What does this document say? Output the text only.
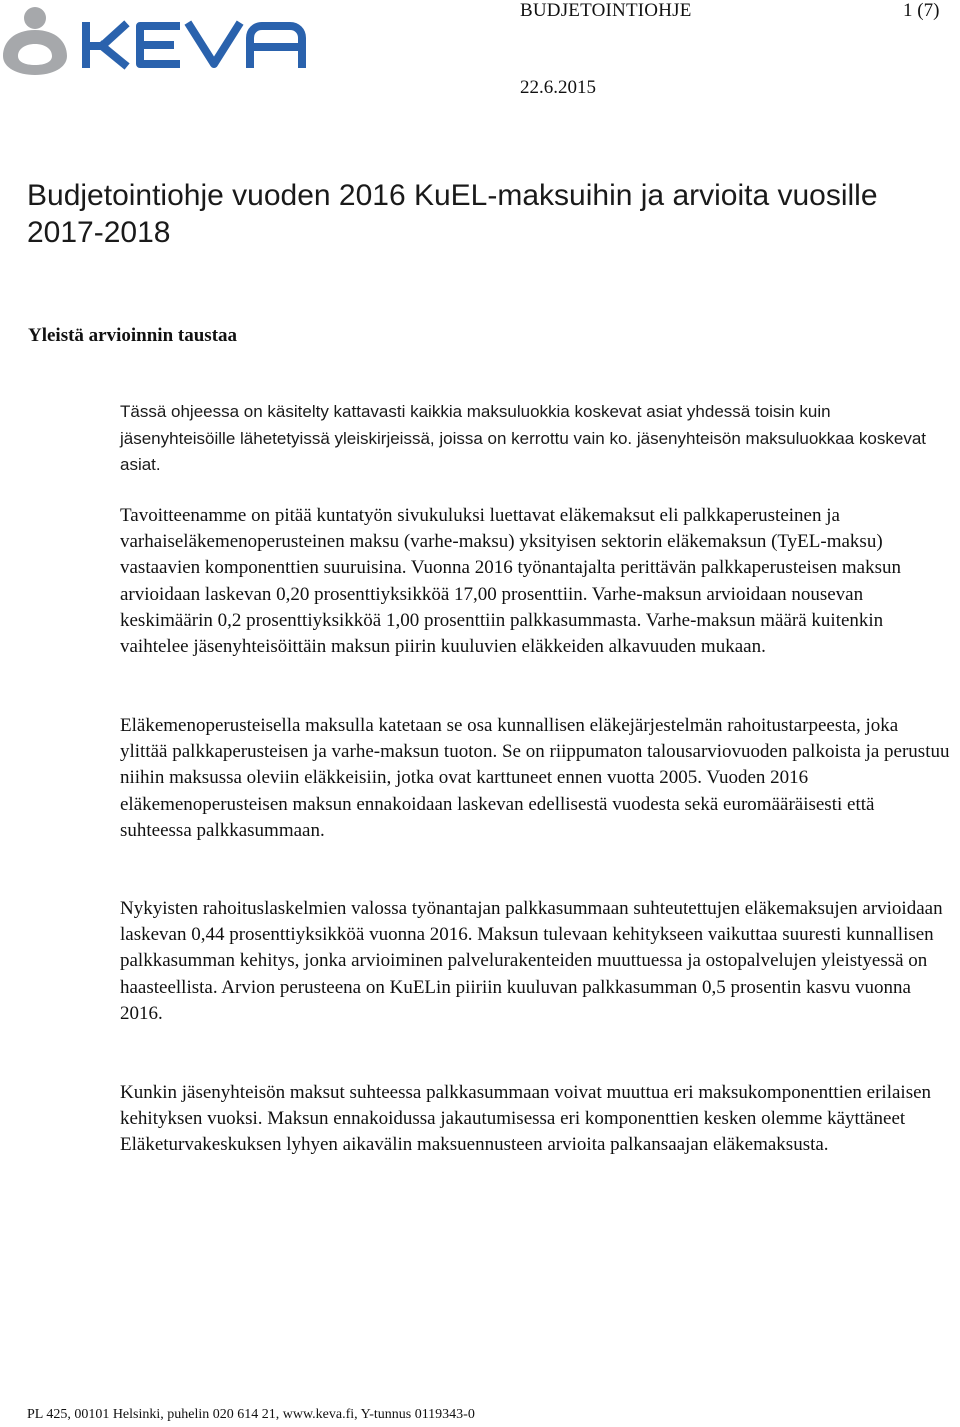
BUDJETOINTIOHJE	1 (7)
22.6.2015
Budjetointiohje vuoden 2016 KuEL-maksuihin ja arvioita vuosille 2017-2018
Yleistä arvioinnin taustaa

Tässä ohjeessa on käsitelty kattavasti kaikkia maksuluokkia koskevat asiat yhdessä toisin kuin jäsenyhteisöille lähetetyissä yleiskirjeissä, joissa on kerrottu vain ko. jäsenyhteisön maksuluokkaa koskevat asiat.

Tavoitteenamme on pitää kuntatyön sivukuluksi luettavat eläkemaksut eli palkkaperusteinen ja varhaiseläkemenoperusteinen maksu (varhe-maksu) yksityisen sektorin eläkemaksun (TyEL-maksu) vastaavien komponenttien suuruisina. Vuonna 2016 työnantajalta perittävän palkkaperusteisen maksun arvioidaan laskevan 0,20 prosenttiyksikköä 17,00 prosenttiin. Varhe-maksun arvioidaan nousevan keskimäärin 0,2 prosenttiyksikköä 1,00 prosenttiin palkkasummasta. Varhe-maksun määrä kuitenkin vaihtelee jäsenyhteisöittäin maksun piirin kuuluvien eläkkeiden alkavuuden mukaan.

Eläkemenoperusteisella maksulla katetaan se osa kunnallisen eläkejärjestelmän rahoitustarpeesta, joka ylittää palkkaperusteisen ja varhe-maksun tuoton. Se on riippumaton talousarviovuoden palkoista ja perustuu niihin maksussa oleviin eläkkeisiin, jotka ovat karttuneet ennen vuotta 2005. Vuoden 2016 eläkemenoperusteisen maksun ennakoidaan laskevan edellisestä vuodesta sekä euromääräisesti että suhteessa palkkasummaan.

Nykyisten rahoituslaskelmien valossa työnantajan palkkasummaan suhteutettujen eläkemaksujen arvioidaan laskevan 0,44 prosenttiyksikköä vuonna 2016. Maksun tulevaan kehitykseen vaikuttaa suuresti kunnallisen palkkasumman kehitys, jonka arvioiminen palvelurakenteiden muuttuessa ja ostopalvelujen yleistyessä on haasteellista. Arvion perusteena on KuELin piiriin kuuluvan palkkasumman 0,5 prosentin kasvu vuonna 2016.

Kunkin jäsenyhteisön maksut suhteessa palkkasummaan voivat muuttua eri maksukomponenttien erilaisen kehityksen vuoksi. Maksun ennakoidussa jakautumisessa eri komponenttien kesken olemme käyttäneet Eläketurvakeskuksen lyhyen aikavälin maksuennusteen arvioita palkansaajan eläkemaksusta.

PL 425, 00101 Helsinki, puhelin 020 614 21, www.keva.fi, Y-tunnus 0119343-0
